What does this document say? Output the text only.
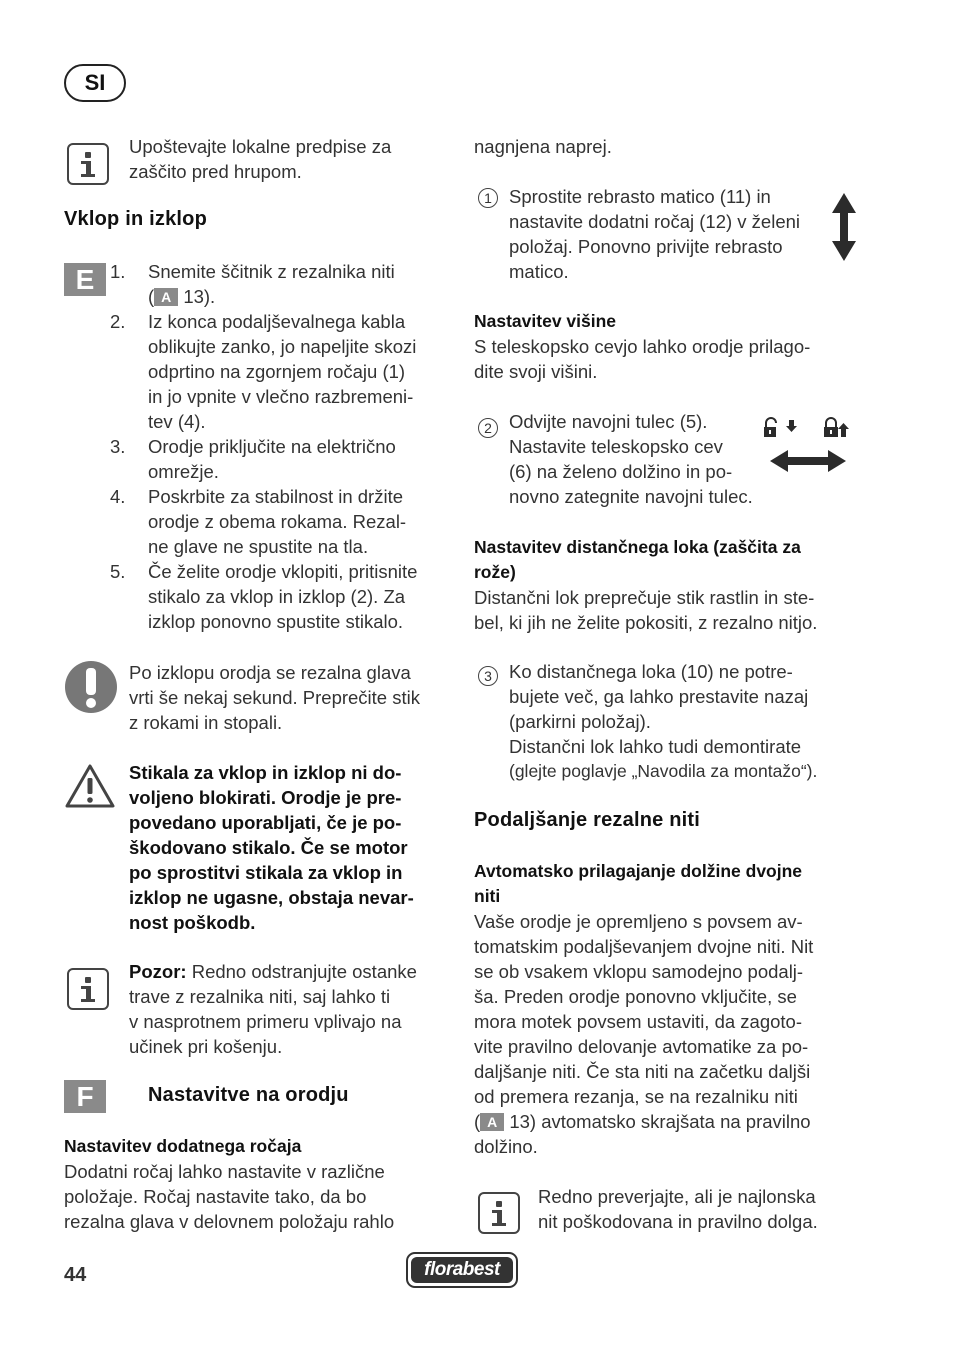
SI
Upoštevajte lokalne predpise za
zaščito pred hrupom.
Vklop in izklop
E 1. Snemite ščitnik z rezalnika niti
( A 13).
2. Iz konca podaljševalnega kabla
oblikujte zanko, jo napeljite skozi
odprtino na zgornjem ročaju (1)
in jo vpnite v vlečno razbremeni-
tev (4).
3. Orodje priključite na električno
omrežje.
4. Poskrbite za stabilnost in držite
orodje z obema rokama. Rezal-
ne glave ne spustite na tla.
5. Če želite orodje vklopiti, pritisnite
stikalo za vklop in izklop (2). Za
izklop ponovno spustite stikalo.
Po izklopu orodja se rezalna glava
vrti še nekaj sekund. Preprečite stik
z rokami in stopali.
Stikala za vklop in izklop ni do-
voljeno blokirati. Orodje je pre-
povedano uporabljati, če je po-
škodovano stikalo. Če se motor
po sprostitvi stikala za vklop in
izklop ne ugasne, obstaja nevar-
nost poškodb.
Pozor: Redno odstranjujte ostanke
trave z rezalnika niti, saj lahko ti
v nasprotnem primeru vplivajo na
učinek pri košenju.
F	Nastavitve na orodju
Nastavitev dodatnega ročaja
Dodatni ročaj lahko nastavite v različne
položaje. Ročaj nastavite tako, da bo
rezalna glava v delovnem položaju rahlo
nagnjena naprej.
1 Sprostite rebrasto matico (11) in
nastavite dodatni ročaj (12) v želeni
položaj. Ponovno privijte rebrasto
matico.
Nastavitev višine
S teleskopsko cevjo lahko orodje prilago-
dite svoji višini.
2 Odvijte navojni tulec (5).
Nastavite teleskopsko cev
(6) na želeno dolžino in po-
novno zategnite navojni tulec.
Nastavitev distančnega loka (zaščita za
rože)
Distančni lok preprečuje stik rastlin in ste-
bel, ki jih ne želite pokositi, z rezalno nitjo.
3 Ko distančnega loka (10) ne potre-
bujete več, ga lahko prestavite nazaj
(parkirni položaj).
Distančni lok lahko tudi demontirate
(glejte poglavje „Navodila za montažo“).
Podaljšanje rezalne niti
Avtomatsko prilagajanje dolžine dvojne
niti
Vaše orodje je opremljeno s povsem av-
tomatskim podaljševanjem dvojne niti. Nit
se ob vsakem vklopu samodejno podalj-
ša. Preden orodje ponovno vključite, se
mora motek povsem ustaviti, da zagoto-
vite pravilno delovanje avtomatike za po-
daljšanje niti. Če sta niti na začetku daljši
od premera rezanja, se na rezalniku niti
( A 13) avtomatsko skrajšata na pravilno
dolžino.
Redno preverjajte, ali je najlonska
nit poškodovana in pravilno dolga.
44	florabest
